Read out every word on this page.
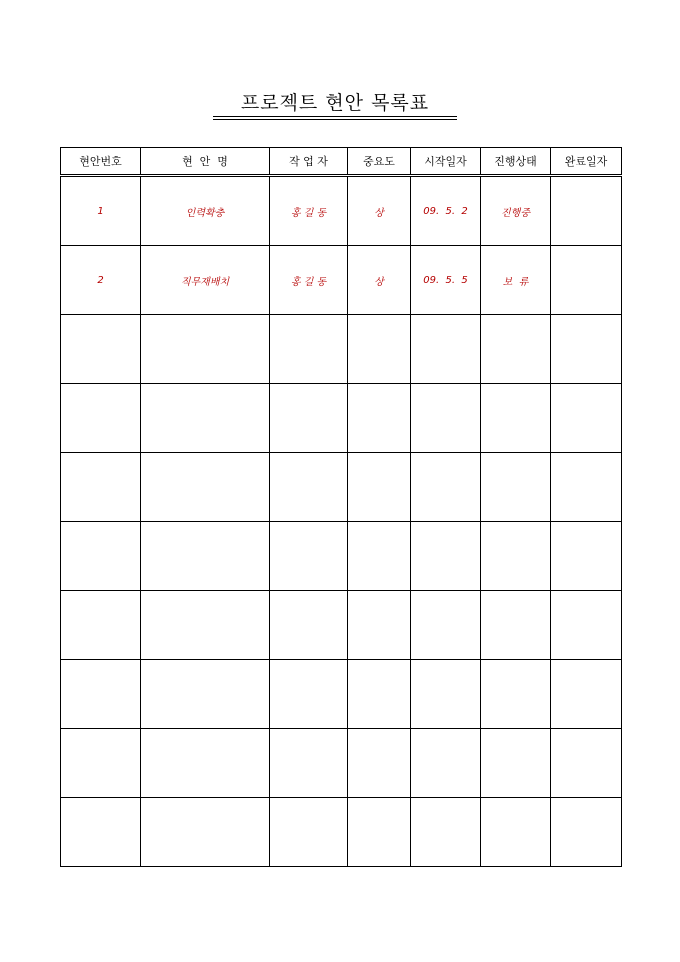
프로젝트 현안 목록표
현안번호	현  안  명	작 업 자	중요도	시작일자	진행상태	완료일자
1	인력확충	홍 길 동	상	09.  5.  2	진행중	
2	직무재배치	홍 길 동	상	09.  5.  5	보  류	
